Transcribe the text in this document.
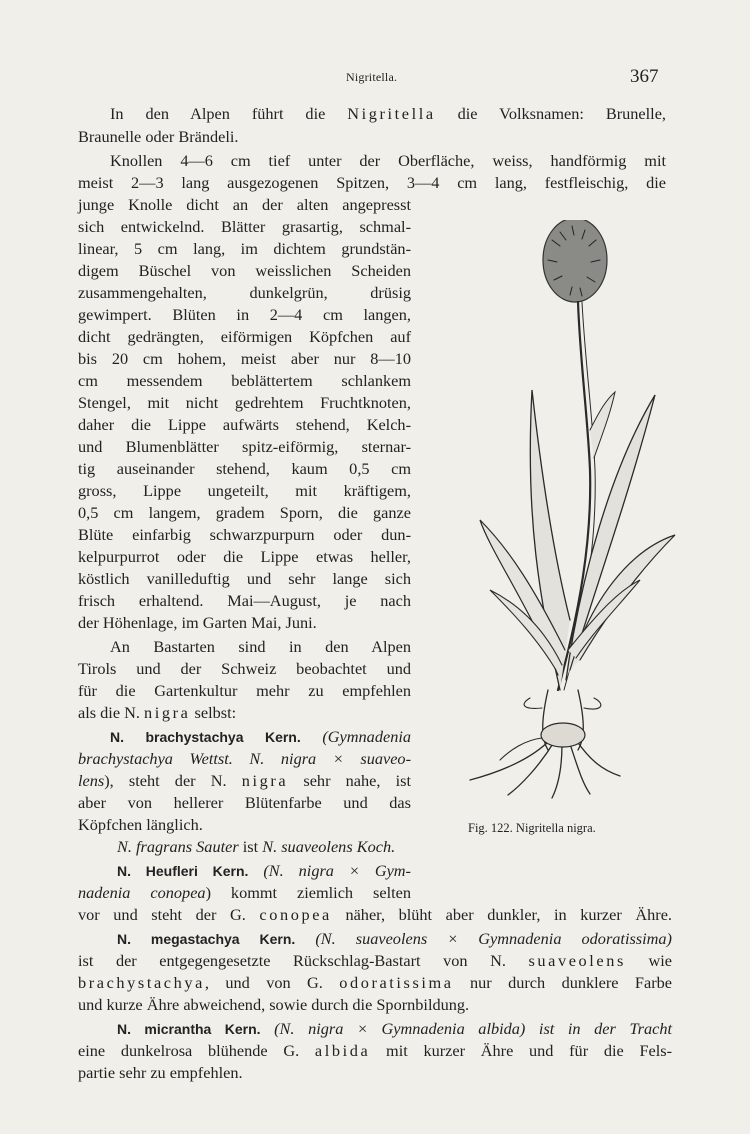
Nigritella.	367
In den Alpen führt die Nigritella die Volksnamen: Brunelle,
Braunelle oder Brändeli.
Knollen 4—6 cm tief unter der Oberfläche, weiss, handförmig mit
meist 2—3 lang ausgezogenen Spitzen, 3—4 cm lang, festfleischig, die
junge Knolle dicht an der alten angepresst
sich entwickelnd. Blätter grasartig, schmal-
linear, 5 cm lang, im dichtem grundstän-
digem Büschel von weisslichen Scheiden
zusammengehalten, dunkelgrün, drüsig
gewimpert. Blüten in 2—4 cm langen,
dicht gedrängten, eiförmigen Köpfchen auf
bis 20 cm hohem, meist aber nur 8—10
cm messendem beblättertem schlankem
Stengel, mit nicht gedrehtem Fruchtknoten,
daher die Lippe aufwärts stehend, Kelch-
und Blumenblätter spitz-eiförmig, sternar-
tig auseinander stehend, kaum 0,5 cm
gross, Lippe ungeteilt, mit kräftigem,
0,5 cm langem, gradem Sporn, die ganze
Blüte einfarbig schwarzpurpurn oder dun-
kelpurpurrot oder die Lippe etwas heller,
köstlich vanilleduftig und sehr lange sich
frisch erhaltend. Mai—August, je nach
der Höhenlage, im Garten Mai, Juni.
An Bastarten sind in den Alpen
Tirols und der Schweiz beobachtet und
für die Gartenkultur mehr zu empfehlen
als die N. nigra selbst:
N. brachystachya Kern. (Gymnadenia
brachystachya Wettst. N. nigra × suaveo-
lens), steht der N. nigra sehr nahe, ist
aber von hellerer Blütenfarbe und das
Köpfchen länglich.
N. fragrans Sauter ist N. suaveolens Koch.
N. Heufleri Kern. (N. nigra × Gym-
nadenia conopea) kommt ziemlich selten
vor und steht der G. conopea näher, blüht aber dunkler, in kurzer Ähre.
N. megastachya Kern. (N. suaveolens × Gymnadenia odoratissima)
ist der entgegengesetzte Rückschlag-Bastart von N. suaveolens wie
brachystachya, und von G. odoratissima nur durch dunklere Farbe
und kurze Ähre abweichend, sowie durch die Spornbildung.
N. micrantha Kern. (N. nigra × Gymnadenia albida) ist in der Tracht
eine dunkelrosa blühende G. albida mit kurzer Ähre und für die Fels-
partie sehr zu empfehlen.
Fig. 122. Nigritella nigra.
